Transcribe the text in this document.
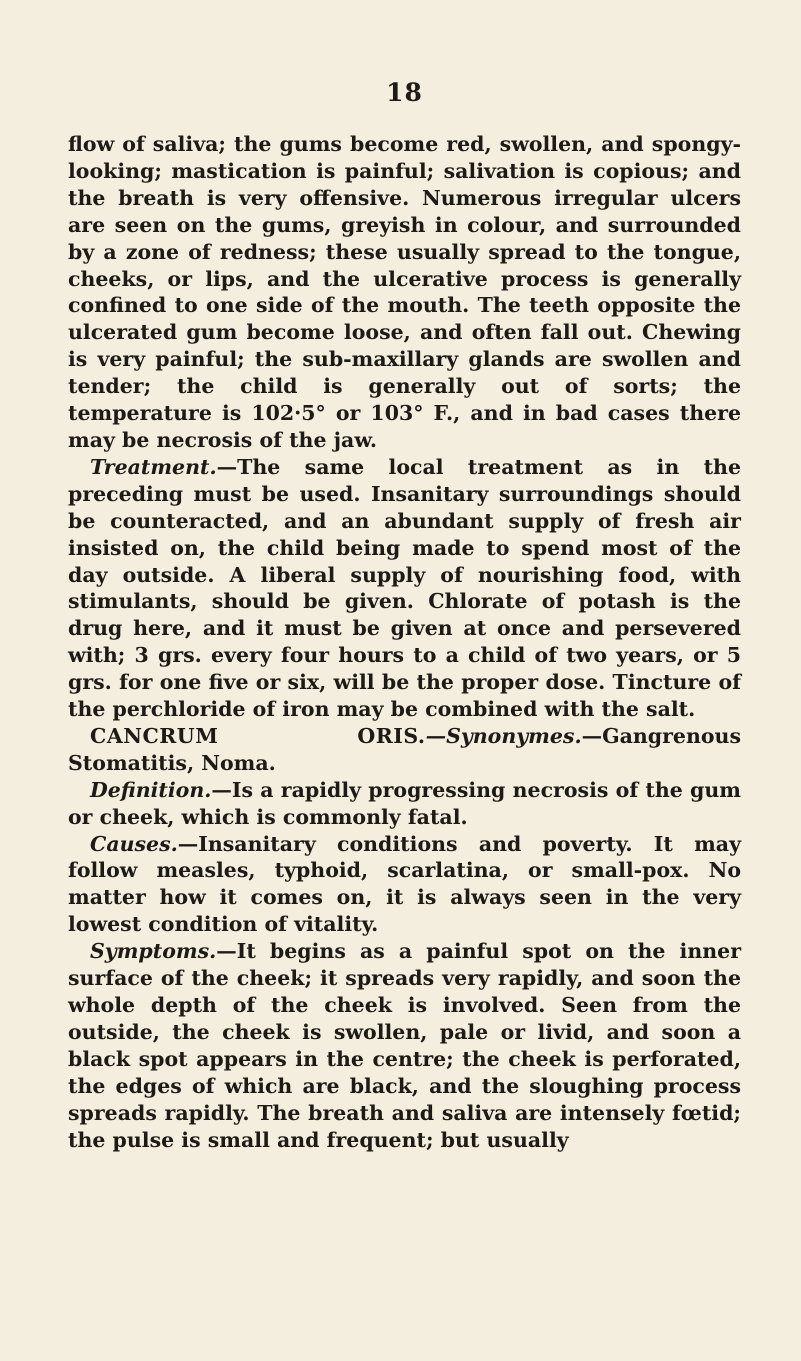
18

flow of saliva; the gums become red, swollen, and spongy-looking; mastication is painful; salivation is copious; and the breath is very offensive. Numerous irregular ulcers are seen on the gums, greyish in colour, and surrounded by a zone of redness; these usually spread to the tongue, cheeks, or lips, and the ulcerative process is generally confined to one side of the mouth. The teeth opposite the ulcerated gum become loose, and often fall out. Chewing is very painful; the sub-maxillary glands are swollen and tender; the child is generally out of sorts; the temperature is 102·5° or 103° F., and in bad cases there may be necrosis of the jaw.

Treatment.—The same local treatment as in the preceding must be used. Insanitary surroundings should be counteracted, and an abundant supply of fresh air insisted on, the child being made to spend most of the day outside. A liberal supply of nourishing food, with stimulants, should be given. Chlorate of potash is the drug here, and it must be given at once and persevered with; 3 grs. every four hours to a child of two years, or 5 grs. for one five or six, will be the proper dose. Tincture of the perchloride of iron may be combined with the salt.

CANCRUM ORIS.—Synonymes.—Gangrenous Stomatitis, Noma.

Definition.—Is a rapidly progressing necrosis of the gum or cheek, which is commonly fatal.

Causes.—Insanitary conditions and poverty. It may follow measles, typhoid, scarlatina, or small-pox. No matter how it comes on, it is always seen in the very lowest condition of vitality.

Symptoms.—It begins as a painful spot on the inner surface of the cheek; it spreads very rapidly, and soon the whole depth of the cheek is involved. Seen from the outside, the cheek is swollen, pale or livid, and soon a black spot appears in the centre; the cheek is perforated, the edges of which are black, and the sloughing process spreads rapidly. The breath and saliva are intensely fœtid; the pulse is small and frequent; but usually
